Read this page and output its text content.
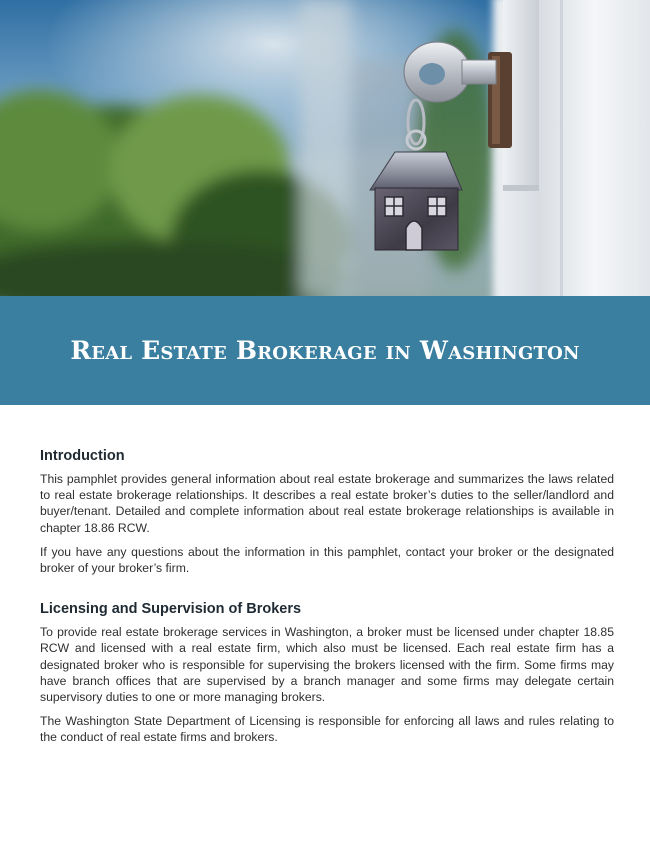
Real Estate Brokerage in Washington
Introduction

This pamphlet provides general information about real estate brokerage and summarizes the laws related to real estate brokerage relationships. It describes a real estate broker’s duties to the seller/landlord and buyer/tenant. Detailed and complete information about real estate brokerage relationships is available in chapter 18.86 RCW.

If you have any questions about the information in this pamphlet, contact your broker or the designated broker of your broker’s firm.

Licensing and Supervision of Brokers

To provide real estate brokerage services in Washington, a broker must be licensed under chapter 18.85 RCW and licensed with a real estate firm, which also must be licensed. Each real estate firm has a designated broker who is responsible for supervising the brokers licensed with the firm. Some firms may have branch offices that are supervised by a branch manager and some firms may delegate certain supervisory duties to one or more managing brokers.

The Washington State Department of Licensing is responsible for enforcing all laws and rules relating to the conduct of real estate firms and brokers.
